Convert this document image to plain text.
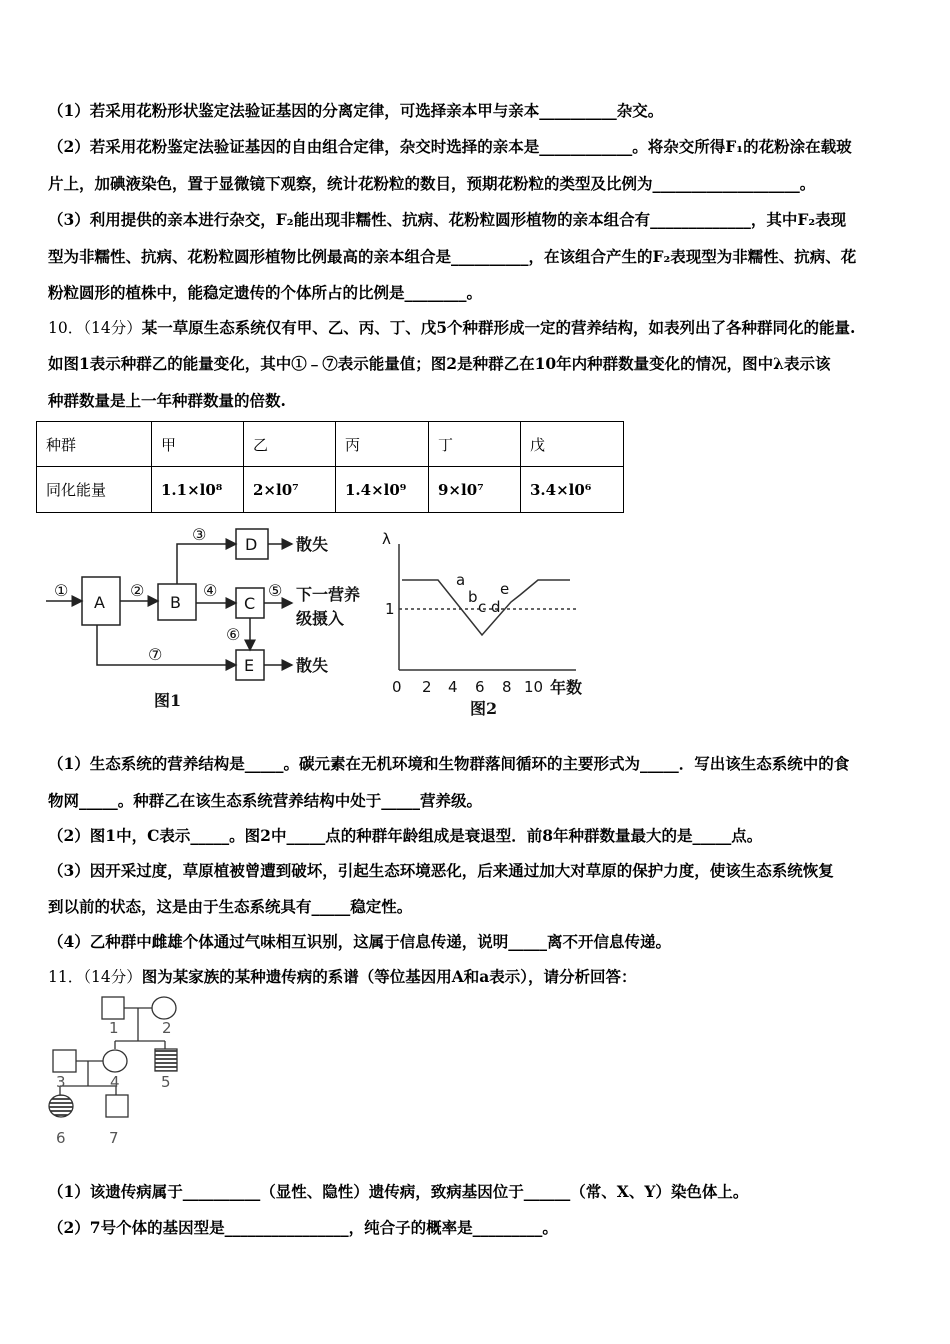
（1）若采用花粉形状鉴定法验证基因的分离定律，可选择亲本甲与亲本__________杂交。
（2）若采用花粉鉴定法验证基因的自由组合定律，杂交时选择的亲本是____________。将杂交所得F₁的花粉涂在载玻
片上，加碘液染色，置于显微镜下观察，统计花粉粒的数目，预期花粉粒的类型及比例为___________________。
（3）利用提供的亲本进行杂交，F₂能出现非糯性、抗病、花粉粒圆形植物的亲本组合有_____________，其中F₂表现
型为非糯性、抗病、花粉粒圆形植物比例最高的亲本组合是__________，在该组合产生的F₂表现型为非糯性、抗病、花
粉粒圆形的植株中，能稳定遗传的个体所占的比例是________。
10．（14分）某一草原生态系统仅有甲、乙、丙、丁、戊5个种群形成一定的营养结构，如表列出了各种群同化的能量.
如图1表示种群乙的能量变化，其中①﹣⑦表示能量值；图2是种群乙在10年内种群数量变化的情况，图中λ表示该
种群数量是上一年种群数量的倍数.
种群	甲	乙	丙	丁	戊
同化能量	1.1×l0⁸	2×l0⁷	1.4×l0⁹	9×l0⁷	3.4×l0⁶
A	B
D
C
E
①	②
③
④	⑤
⑥
⑦
散失
下一营养
级摄入
散失
图1
λ
1
a
b
c d
e
0 2 4 6 8 10 年数
图2
（1）生态系统的营养结构是_____。碳元素在无机环境和生物群落间循环的主要形式为_____．写出该生态系统中的食
物网_____。种群乙在该生态系统营养结构中处于_____营养级。
（2）图1中，C表示_____。图2中_____点的种群年龄组成是衰退型．前8年种群数量最大的是_____点。
（3）因开采过度，草原植被曾遭到破坏，引起生态环境恶化，后来通过加大对草原的保护力度，使该生态系统恢复
到以前的状态，这是由于生态系统具有_____稳定性。
（4）乙种群中雌雄个体通过气味相互识别，这属于信息传递，说明_____离不开信息传递。
11．（14分）图为某家族的某种遗传病的系谱（等位基因用A和a表示），请分析回答：
1	2
3	4	5
6	7
（1）该遗传病属于__________（显性、隐性）遗传病，致病基因位于______（常、X、Y）染色体上。
（2）7号个体的基因型是________________，纯合子的概率是_________。
